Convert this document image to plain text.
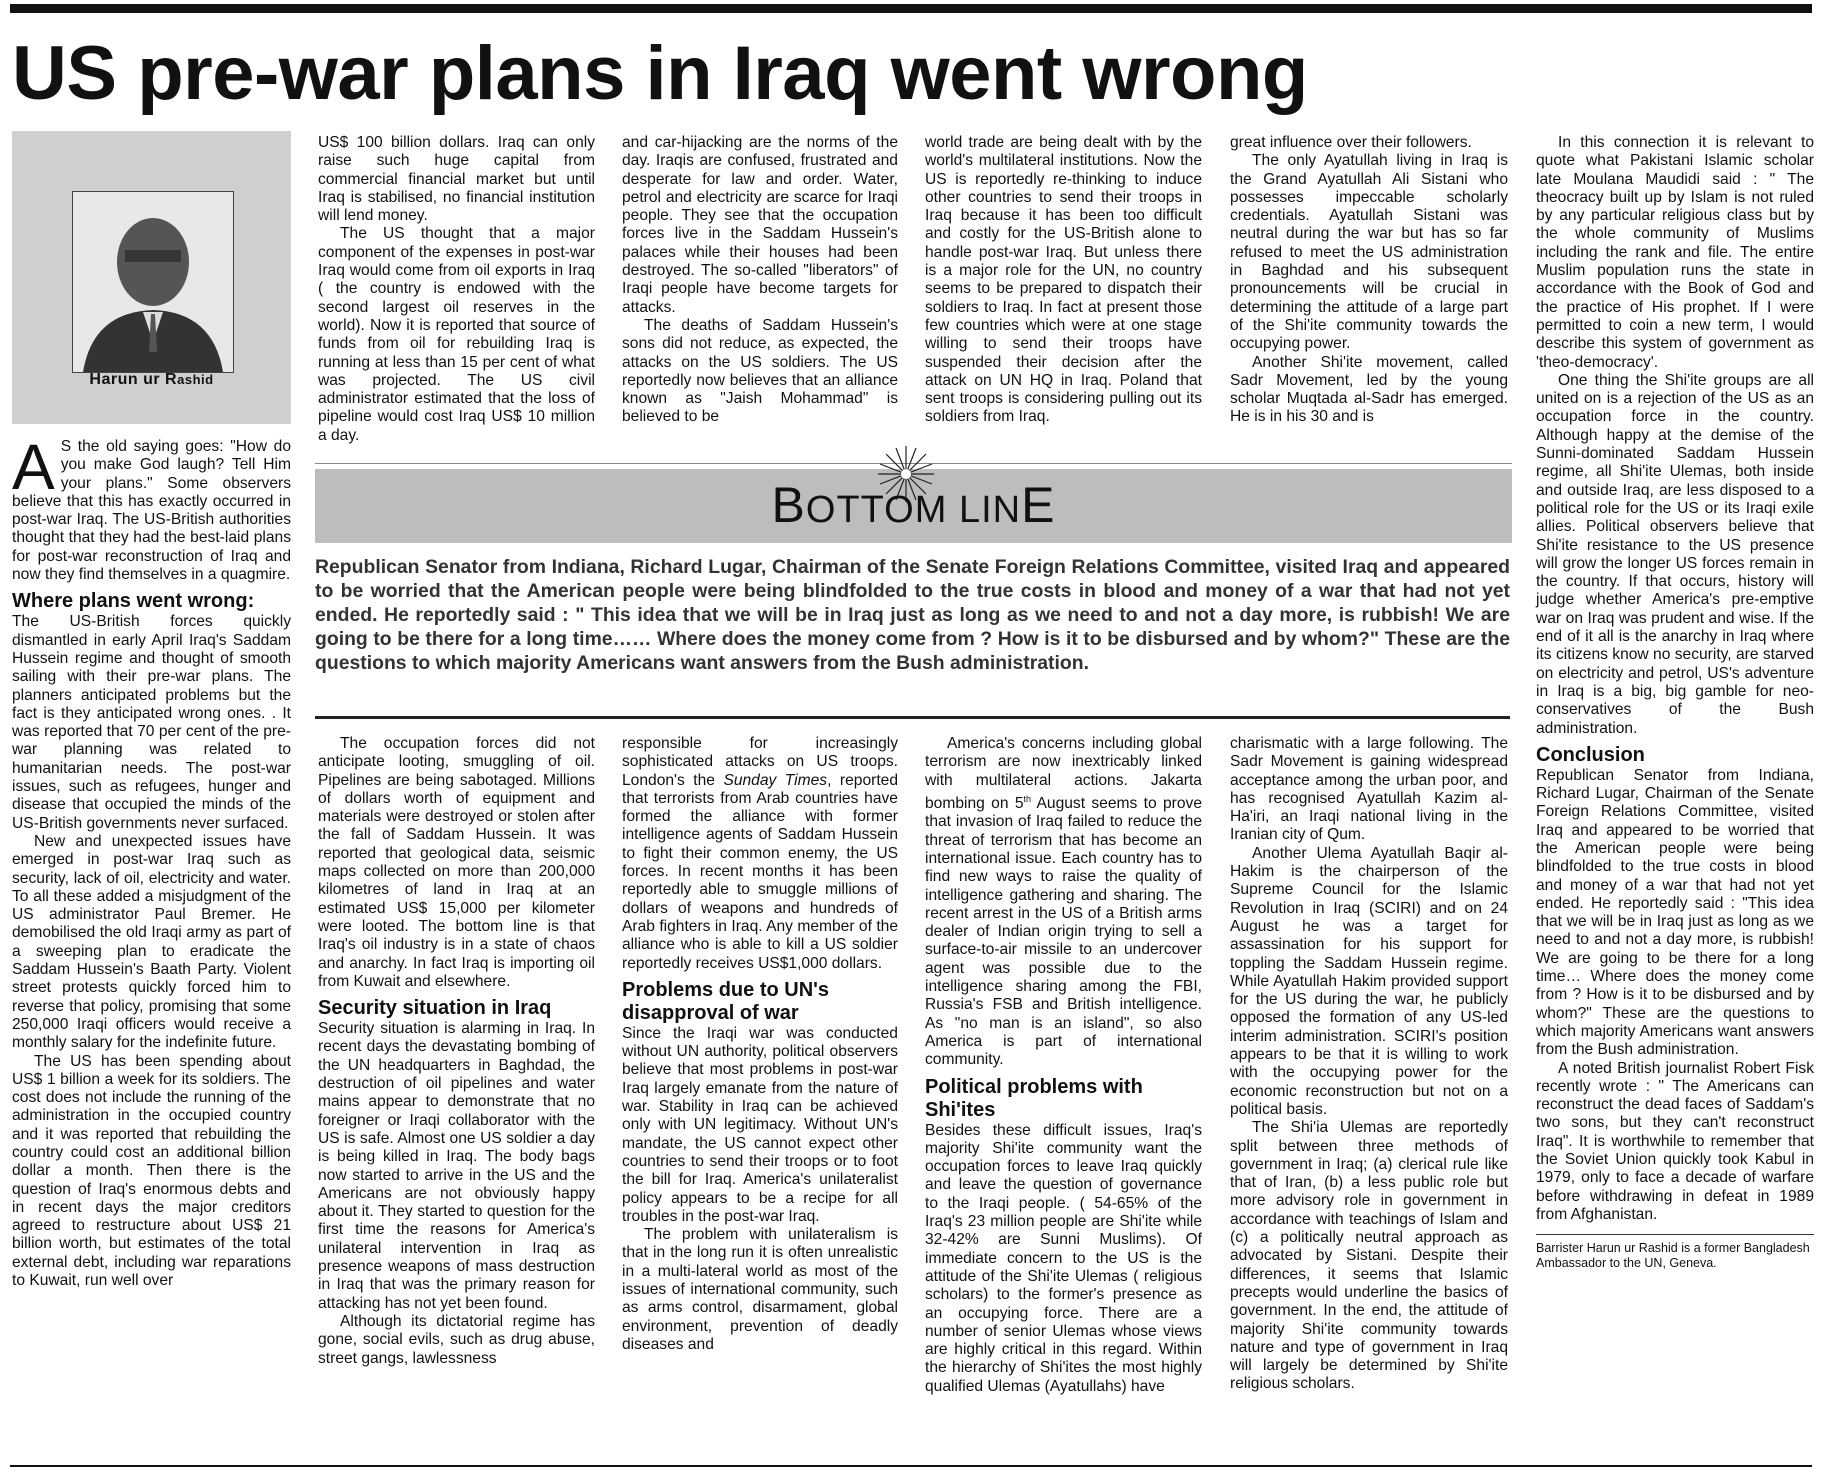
US pre-war plans in Iraq went wrong
Harun ur Rashid

A S the old saying goes: "How do you make God laugh? Tell Him your plans." Some observers believe that this has exactly occurred in post-war Iraq. The US-British authorities thought that they had the best-laid plans for post-war reconstruction of Iraq and now they find themselves in a quagmire.

Where plans went wrong:

The US-British forces quickly dismantled in early April Iraq's Saddam Hussein regime and thought of smooth sailing with their pre-war plans. The planners anticipated problems but the fact is they anticipated wrong ones. . It was reported that 70 per cent of the pre-war planning was related to humanitarian needs. The post-war issues, such as refugees, hunger and disease that occupied the minds of the US-British governments never surfaced.

New and unexpected issues have emerged in post-war Iraq such as security, lack of oil, electricity and water. To all these added a misjudgment of the US administrator Paul Bremer. He demobilised the old Iraqi army as part of a sweeping plan to eradicate the Saddam Hussein's Baath Party. Violent street protests quickly forced him to reverse that policy, promising that some 250,000 Iraqi officers would receive a monthly salary for the indefinite future.

The US has been spending about US$ 1 billion a week for its soldiers. The cost does not include the running of the administration in the occupied country and it was reported that rebuilding the country could cost an additional billion dollar a month. Then there is the question of Iraq's enormous debts and in recent days the major creditors agreed to restructure about US$ 21 billion worth, but estimates of the total external debt, including war reparations to Kuwait, run well over

US$ 100 billion dollars. Iraq can only raise such huge capital from commercial financial market but until Iraq is stabilised, no financial institution will lend money.

The US thought that a major component of the expenses in post-war Iraq would come from oil exports in Iraq ( the country is endowed with the second largest oil reserves in the world). Now it is reported that source of funds from oil for rebuilding Iraq is running at less than 15 per cent of what was projected. The US civil administrator estimated that the loss of pipeline would cost Iraq US$ 10 million a day.

and car-hijacking are the norms of the day. Iraqis are confused, frustrated and desperate for law and order. Water, petrol and electricity are scarce for Iraqi people. They see that the occupation forces live in the Saddam Hussein's palaces while their houses had been destroyed. The so-called "liberators" of Iraqi people have become targets for attacks.

The deaths of Saddam Hussein's sons did not reduce, as expected, the attacks on the US soldiers. The US reportedly now believes that an alliance known as "Jaish Mohammad" is believed to be

world trade are being dealt with by the world's multilateral institutions. Now the US is reportedly re-thinking to induce other countries to send their troops in Iraq because it has been too difficult and costly for the US-British alone to handle post-war Iraq. But unless there is a major role for the UN, no country seems to be prepared to dispatch their soldiers to Iraq. In fact at present those few countries which were at one stage willing to send their troops have suspended their decision after the attack on UN HQ in Iraq. Poland that sent troops is considering pulling out its soldiers from Iraq.

great influence over their followers.

The only Ayatullah living in Iraq is the Grand Ayatullah Ali Sistani who possesses impeccable scholarly credentials. Ayatullah Sistani was neutral during the war but has so far refused to meet the US administration in Baghdad and his subsequent pronouncements will be crucial in determining the attitude of a large part of the Shi'ite community towards the occupying power.

Another Shi'ite movement, called Sadr Movement, led by the young scholar Muqtada al-Sadr has emerged. He is in his 30 and is

BOTTOM LINE
Republican Senator from Indiana, Richard Lugar, Chairman of the Senate Foreign Relations Committee, visited Iraq and appeared to be worried that the American people were being blindfolded to the true costs in blood and money of a war that had not yet ended. He reportedly said : " This idea that we will be in Iraq just as long as we need to and not a day more, is rubbish! We are going to be there for a long time…… Where does the money come from ? How is it to be disbursed and by whom?" These are the questions to which majority Americans want answers from the Bush administration.

In this connection it is relevant to quote what Pakistani Islamic scholar late Moulana Maudidi said : " The theocracy built up by Islam is not ruled by any particular religious class but by the whole community of Muslims including the rank and file. The entire Muslim population runs the state in accordance with the Book of God and the practice of His prophet. If I were permitted to coin a new term, I would describe this system of government as 'theo-democracy'.

One thing the Shi'ite groups are all united on is a rejection of the US as an occupation force in the country. Although happy at the demise of the Sunni-dominated Saddam Hussein regime, all Shi'ite Ulemas, both inside and outside Iraq, are less disposed to a political role for the US or its Iraqi exile allies. Political observers believe that Shi'ite resistance to the US presence will grow the longer US forces remain in the country. If that occurs, history will judge whether America's pre-emptive war on Iraq was prudent and wise. If the end of it all is the anarchy in Iraq where its citizens know no security, are starved on electricity and petrol, US's adventure in Iraq is a big, big gamble for neo-conservatives of the Bush administration.

Conclusion

Republican Senator from Indiana, Richard Lugar, Chairman of the Senate Foreign Relations Committee, visited Iraq and appeared to be worried that the American people were being blindfolded to the true costs in blood and money of a war that had not yet ended. He reportedly said : "This idea that we will be in Iraq just as long as we need to and not a day more, is rubbish! We are going to be there for a long time… Where does the money come from ? How is it to be disbursed and by whom?" These are the questions to which majority Americans want answers from the Bush administration.

A noted British journalist Robert Fisk recently wrote : " The Americans can reconstruct the dead faces of Saddam's two sons, but they can't reconstruct Iraq". It is worthwhile to remember that the Soviet Union quickly took Kabul in 1979, only to face a decade of warfare before withdrawing in defeat in 1989 from Afghanistan.

Barrister Harun ur Rashid is a former Bangladesh Ambassador to the UN, Geneva.

The occupation forces did not anticipate looting, smuggling of oil. Pipelines are being sabotaged. Millions of dollars worth of equipment and materials were destroyed or stolen after the fall of Saddam Hussein. It was reported that geological data, seismic maps collected on more than 200,000 kilometres of land in Iraq at an estimated US$ 15,000 per kilometer were looted. The bottom line is that Iraq's oil industry is in a state of chaos and anarchy. In fact Iraq is importing oil from Kuwait and elsewhere.

Security situation in Iraq

Security situation is alarming in Iraq. In recent days the devastating bombing of the UN headquarters in Baghdad, the destruction of oil pipelines and water mains appear to demonstrate that no foreigner or Iraqi collaborator with the US is safe. Almost one US soldier a day is being killed in Iraq. The body bags now started to arrive in the US and the Americans are not obviously happy about it. They started to question for the first time the reasons for America's unilateral intervention in Iraq as presence weapons of mass destruction in Iraq that was the primary reason for attacking has not yet been found.

Although its dictatorial regime has gone, social evils, such as drug abuse, street gangs, lawlessness

responsible for increasingly sophisticated attacks on US troops. London's the Sunday Times, reported that terrorists from Arab countries have formed the alliance with former intelligence agents of Saddam Hussein to fight their common enemy, the US forces. In recent months it has been reportedly able to smuggle millions of dollars of weapons and hundreds of Arab fighters in Iraq. Any member of the alliance who is able to kill a US soldier reportedly receives US$1,000 dollars.

Problems due to UN's disapproval of war

Since the Iraqi war was conducted without UN authority, political observers believe that most problems in post-war Iraq largely emanate from the nature of war. Stability in Iraq can be achieved only with UN legitimacy. Without UN's mandate, the US cannot expect other countries to send their troops or to foot the bill for Iraq. America's unilateralist policy appears to be a recipe for all troubles in the post-war Iraq.

The problem with unilateralism is that in the long run it is often unrealistic in a multi-lateral world as most of the issues of international community, such as arms control, disarmament, global environment, prevention of deadly diseases and

America's concerns including global terrorism are now inextricably linked with multilateral actions. Jakarta bombing on 5th August seems to prove that invasion of Iraq failed to reduce the threat of terrorism that has become an international issue. Each country has to find new ways to raise the quality of intelligence gathering and sharing. The recent arrest in the US of a British arms dealer of Indian origin trying to sell a surface-to-air missile to an undercover agent was possible due to the intelligence sharing among the FBI, Russia's FSB and British intelligence. As "no man is an island", so also America is part of international community.

Political problems with Shi'ites

Besides these difficult issues, Iraq's majority Shi'ite community want the occupation forces to leave Iraq quickly and leave the question of governance to the Iraqi people. ( 54-65% of the Iraq's 23 million people are Shi'ite while 32-42% are Sunni Muslims). Of immediate concern to the US is the attitude of the Shi'ite Ulemas ( religious scholars) to the former's presence as an occupying force. There are a number of senior Ulemas whose views are highly critical in this regard. Within the hierarchy of Shi'ites the most highly qualified Ulemas (Ayatullahs) have

charismatic with a large following. The Sadr Movement is gaining widespread acceptance among the urban poor, and has recognised Ayatullah Kazim al-Ha'iri, an Iraqi national living in the Iranian city of Qum.

Another Ulema Ayatullah Baqir al-Hakim is the chairperson of the Supreme Council for the Islamic Revolution in Iraq (SCIRI) and on 24 August he was a target for assassination for his support for toppling the Saddam Hussein regime. While Ayatullah Hakim provided support for the US during the war, he publicly opposed the formation of any US-led interim administration. SCIRI's position appears to be that it is willing to work with the occupying power for the economic reconstruction but not on a political basis.

The Shi'ia Ulemas are reportedly split between three methods of government in Iraq; (a) clerical rule like that of Iran, (b) a less public role but more advisory role in government in accordance with teachings of Islam and (c) a politically neutral approach as advocated by Sistani. Despite their differences, it seems that Islamic precepts would underline the basics of government. In the end, the attitude of majority Shi'ite community towards nature and type of government in Iraq will largely be determined by Shi'ite religious scholars.
